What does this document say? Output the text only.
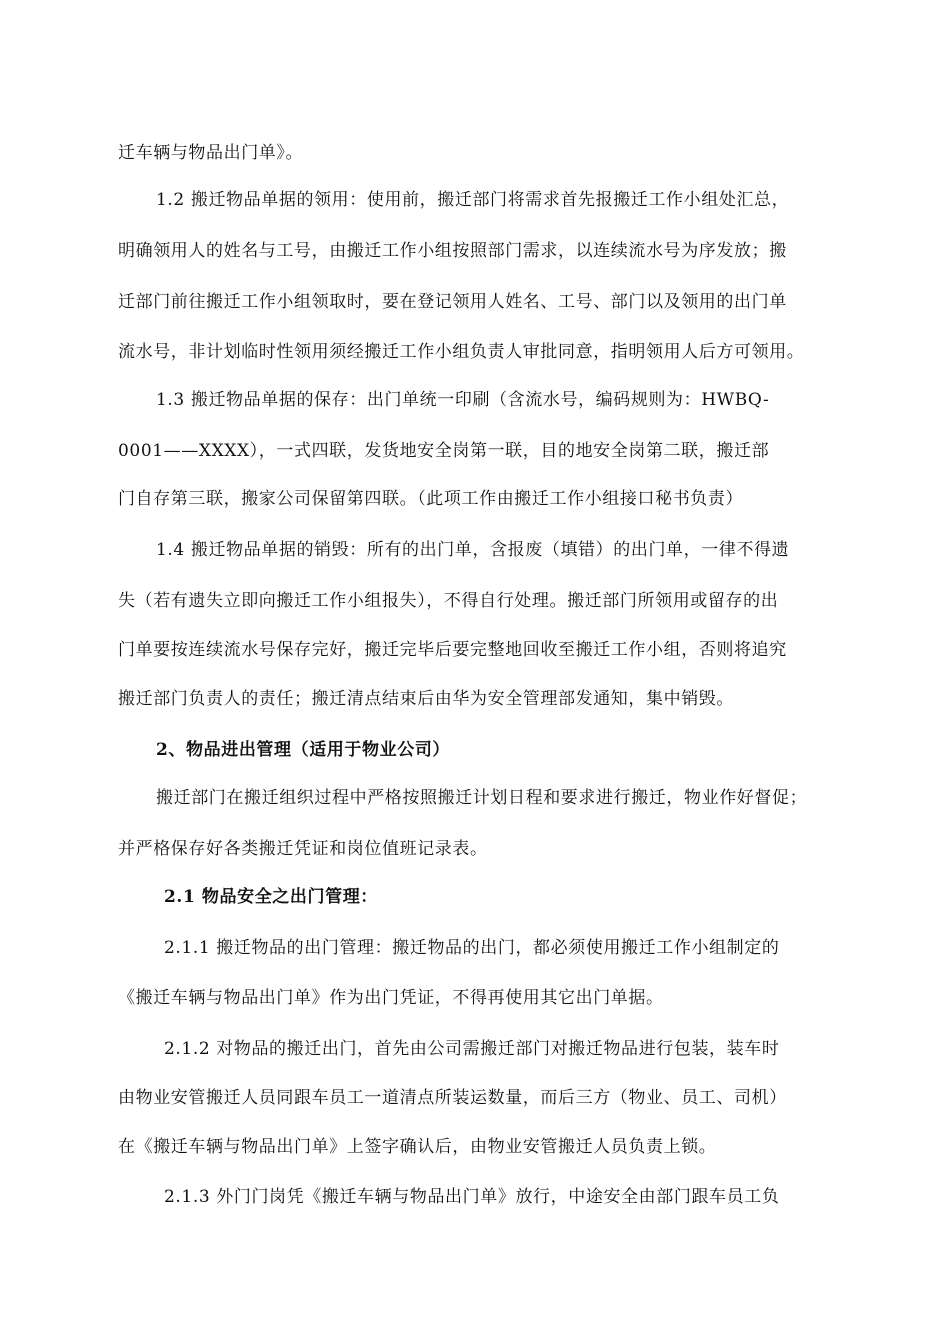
迁车辆与物品出门单》。
1.2 搬迁物品单据的领用：使用前，搬迁部门将需求首先报搬迁工作小组处汇总，
明确领用人的姓名与工号，由搬迁工作小组按照部门需求，以连续流水号为序发放；搬
迁部门前往搬迁工作小组领取时，要在登记领用人姓名、工号、部门以及领用的出门单
流水号，非计划临时性领用须经搬迁工作小组负责人审批同意，指明领用人后方可领用。
1.3 搬迁物品单据的保存：出门单统一印刷（含流水号，编码规则为：HWBQ-
0001——XXXX），一式四联，发货地安全岗第一联，目的地安全岗第二联，搬迁部
门自存第三联，搬家公司保留第四联。（此项工作由搬迁工作小组接口秘书负责）
1.4 搬迁物品单据的销毁：所有的出门单，含报废（填错）的出门单，一律不得遗
失（若有遗失立即向搬迁工作小组报失），不得自行处理。搬迁部门所领用或留存的出
门单要按连续流水号保存完好，搬迁完毕后要完整地回收至搬迁工作小组，否则将追究
搬迁部门负责人的责任；搬迁清点结束后由华为安全管理部发通知，集中销毁。
2、物品进出管理（适用于物业公司）
搬迁部门在搬迁组织过程中严格按照搬迁计划日程和要求进行搬迁，物业作好督促；
并严格保存好各类搬迁凭证和岗位值班记录表。
2.1 物品安全之出门管理：
2.1.1 搬迁物品的出门管理：搬迁物品的出门，都必须使用搬迁工作小组制定的
《搬迁车辆与物品出门单》作为出门凭证，不得再使用其它出门单据。
2.1.2 对物品的搬迁出门，首先由公司需搬迁部门对搬迁物品进行包装，装车时
由物业安管搬迁人员同跟车员工一道清点所装运数量，而后三方（物业、员工、司机）
在《搬迁车辆与物品出门单》上签字确认后，由物业安管搬迁人员负责上锁。
2.1.3 外门门岗凭《搬迁车辆与物品出门单》放行，中途安全由部门跟车员工负
